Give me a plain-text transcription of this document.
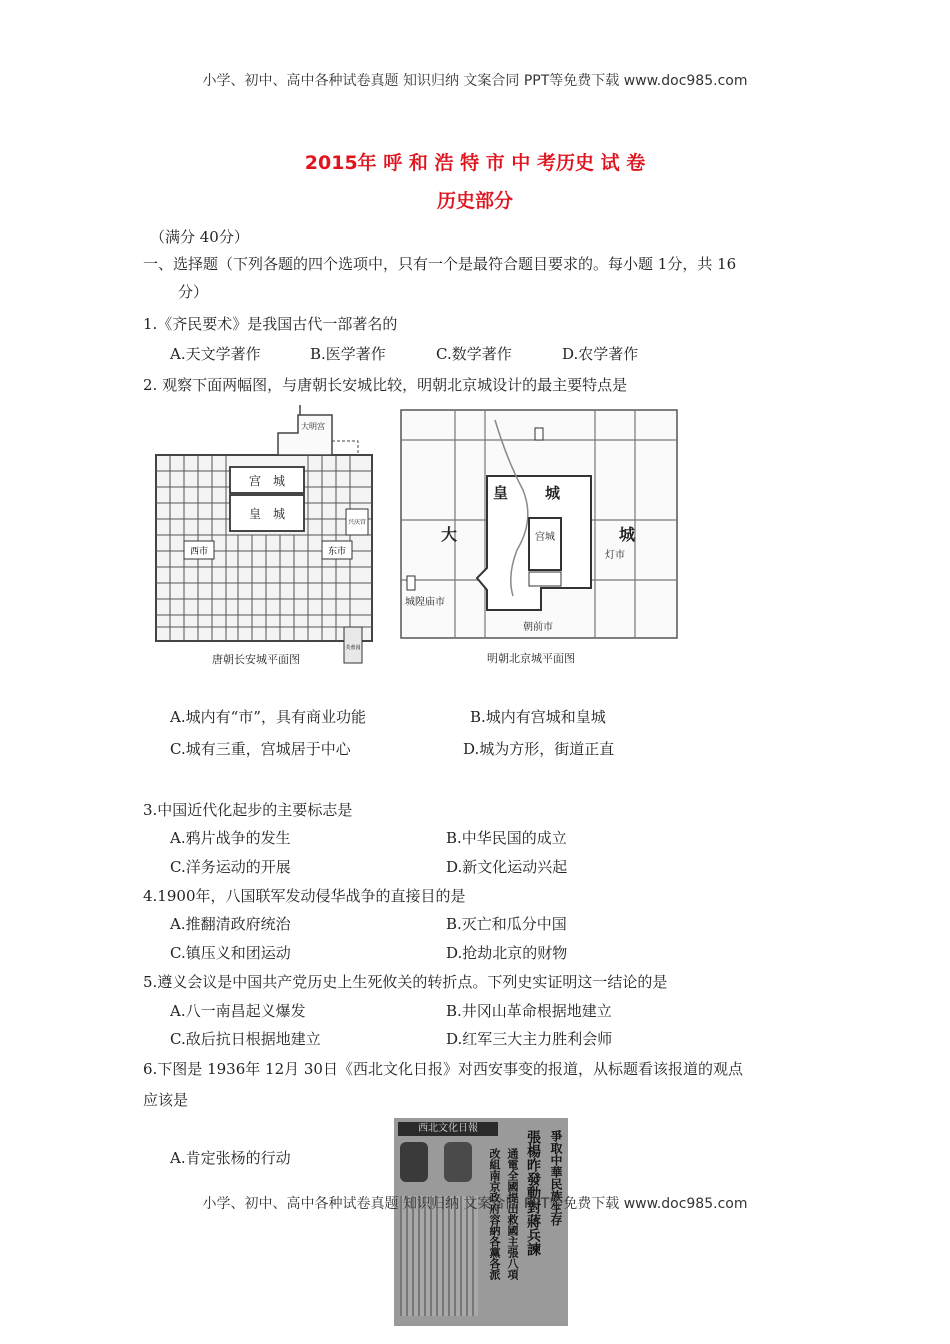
小学、初中、高中各种试卷真题 知识归纳 文案合同 PPT等免费下载 www.doc985.com
2015年 呼 和 浩 特 市 中 考历史 试 卷
历史部分
（满分 40分）
一、选择题（下列各题的四个选项中，只有一个是最符合题目要求的。每小题 1分，共 16
分）
1.《齐民要术》是我国古代一部著名的
A.天文学著作	B.医学著作	C.数学著作	D.农学著作
2. 观察下面两幅图，与唐朝长安城比较，明朝北京城设计的最主要特点是
大明宫
宫　城
皇　城
西市	东市
兴庆宫
芙蓉园
唐朝长安城平面图
皇 城
大	城
宫城
灯市
城隍庙市
朝前市
明朝北京城平面图
A.城内有“市”，具有商业功能	B.城内有宫城和皇城
C.城有三重，宫城居于中心	D.城为方形，街道正直
3.中国近代化起步的主要标志是
A.鸦片战争的发生	B.中华民国的成立
C.洋务运动的开展	D.新文化运动兴起
4.1900年，八国联军发动侵华战争的直接目的是
A.推翻清政府统治	B.灭亡和瓜分中国
C.镇压义和团运动	D.抢劫北京的财物
5.遵义会议是中国共产党历史上生死攸关的转折点。下列史实证明这一结论的是
A.八一南昌起义爆发	B.井冈山革命根据地建立
C.敌后抗日根据地建立	D.红军三大主力胜利会师
6.下图是 1936年 12月 30日《西北文化日报》对西安事变的报道，从标题看该报道的观点
应该是
A.肯定张杨的行动
西北文化日報
爭取中華民族生存
張楊昨發動對蔣兵諫
通電全國提出救國主張八項
改組南京政府容納各黨各派
小学、初中、高中各种试卷真题 知识归纳 文案合同 PPT等免费下载 www.doc985.com
